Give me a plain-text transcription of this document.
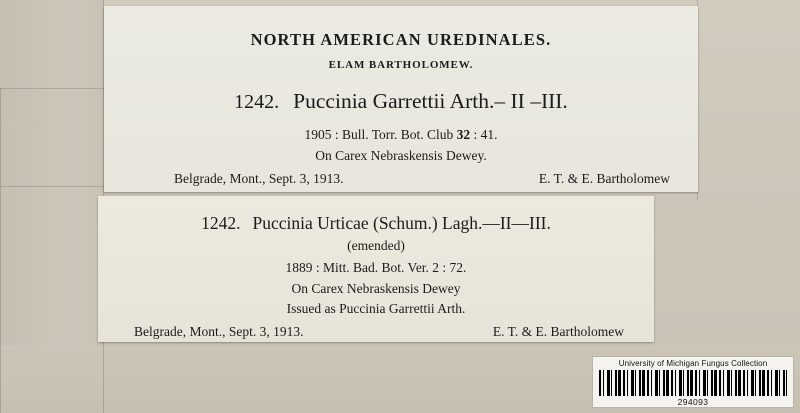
NORTH AMERICAN UREDINALES.
ELAM BARTHOLOMEW.
1242. Puccinia Garrettii Arth.– II –III.
1905 : Bull. Torr. Bot. Club 32 : 41.
On Carex Nebraskensis Dewey.
Belgrade, Mont., Sept. 3, 1913.	E. T. & E. Bartholomew
1242. Puccinia Urticae (Schum.) Lagh.—II—III.
(emended)
1889 : Mitt. Bad. Bot. Ver. 2 : 72.
On Carex Nebraskensis Dewey
Issued as Puccinia Garrettii Arth.
Belgrade, Mont., Sept. 3, 1913.	E. T. & E. Bartholomew
University of Michigan Fungus Collection
294093
